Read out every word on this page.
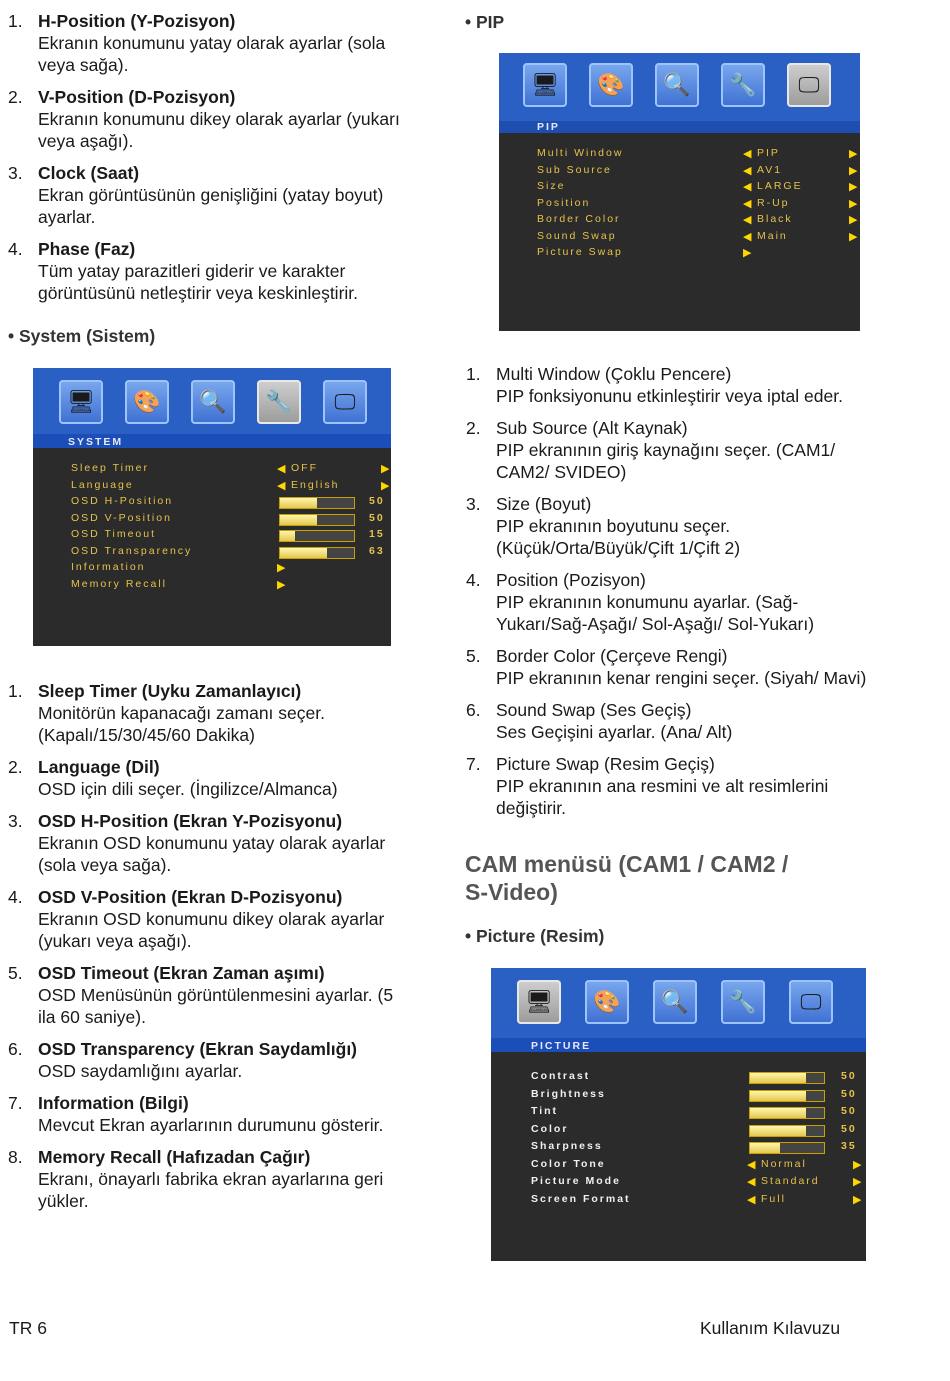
1. H-Position (Y-Pozisyon)
Ekranın konumunu yatay olarak ayarlar (sola
veya sağa).
2. V-Position (D-Pozisyon)
Ekranın konumunu dikey olarak ayarlar (yukarı
veya aşağı).
3. Clock (Saat)
Ekran görüntüsünün genişliğini (yatay boyut)
ayarlar.
4. Phase (Faz)
Tüm yatay parazitleri giderir ve karakter
görüntüsünü netleştirir veya keskinleştirir.
• System (Sistem)
SYSTEM
🖥	🎨	🔍	🔧	🖵
Sleep Timer	◀ OFF	▶
Language	◀ English	▶
OSD H-Position	50
OSD V-Position	50
OSD Timeout	15
OSD Transparency	63
Information	▶
Memory Recall	▶
1. Sleep Timer (Uyku Zamanlayıcı)
Monitörün kapanacağı zamanı seçer.
(Kapalı/15/30/45/60 Dakika)
2. Language (Dil)
OSD için dili seçer. (İngilizce/Almanca)
3. OSD H-Position (Ekran Y-Pozisyonu)
Ekranın OSD konumunu yatay olarak ayarlar
(sola veya sağa).
4. OSD V-Position (Ekran D-Pozisyonu)
Ekranın OSD konumunu dikey olarak ayarlar
(yukarı veya aşağı).
5. OSD Timeout (Ekran Zaman aşımı)
OSD Menüsünün görüntülenmesini ayarlar. (5
ila 60 saniye).
6. OSD Transparency (Ekran Saydamlığı)
OSD saydamlığını ayarlar.
7. Information (Bilgi)
Mevcut Ekran ayarlarının durumunu gösterir.
8. Memory Recall (Hafızadan Çağır)
Ekranı, önayarlı fabrika ekran ayarlarına geri
yükler.
• PIP
PIP
🖥	🎨	🔍	🔧	🖵
Multi Window	◀ PIP	▶
Sub Source	◀ AV1	▶
Size	◀ LARGE	▶
Position	◀ R-Up	▶
Border Color	◀ Black	▶
Sound Swap	◀ Main	▶
Picture Swap	▶
1. Multi Window (Çoklu Pencere)
PIP fonksiyonunu etkinleştirir veya iptal eder.
2. Sub Source (Alt Kaynak)
PIP ekranının giriş kaynağını seçer. (CAM1/
CAM2/ SVIDEO)
3. Size (Boyut)
PIP ekranının boyutunu seçer.
(Küçük/Orta/Büyük/Çift 1/Çift 2)
4. Position (Pozisyon)
PIP ekranının konumunu ayarlar. (Sağ-
Yukarı/Sağ-Aşağı/ Sol-Aşağı/ Sol-Yukarı)
5. Border Color (Çerçeve Rengi)
PIP ekranının kenar rengini seçer. (Siyah/ Mavi)
6. Sound Swap (Ses Geçiş)
Ses Geçişini ayarlar. (Ana/ Alt)
7. Picture Swap (Resim Geçiş)
PIP ekranının ana resmini ve alt resimlerini
değiştirir.
CAM menüsü (CAM1 / CAM2 /
S-Video)
• Picture (Resim)
PICTURE
🖥	🎨	🔍	🔧	🖵
Contrast	50
Brightness	50
Tint	50
Color	50
Sharpness	35
Color Tone	◀ Normal	▶
Picture Mode	◀ Standard	▶
Screen Format	◀ Full	▶
TR 6	Kullanım Kılavuzu
